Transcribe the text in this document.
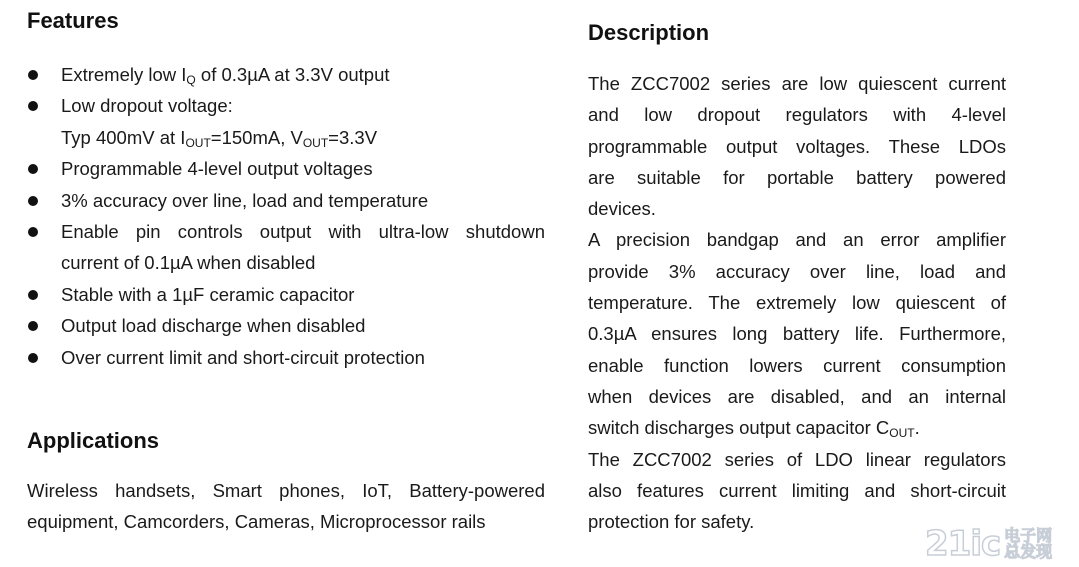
Features
Extremely low $I_Q$ of 0.3µA at 3.3V output
Low dropout voltage:
Typ 400mV at $I_{OUT}=150mA$, $V_{OUT}=3.3V$
Programmable 4-level output voltages
3% accuracy over line, load and temperature
Enable pin controls output with ultra-low shutdown
current of 0.1µA when disabled
Stable with a 1µF ceramic capacitor
Output load discharge when disabled
Over current limit and short-circuit protection
Applications

Wireless handsets, Smart phones, IoT, Battery-powered
equipment, Camcorders, Cameras, Microprocessor rails

Description
The ZCC7002 series are low quiescent current
and low dropout regulators with 4-level
programmable output voltages. These LDOs
are suitable for portable battery powered
devices.
A precision bandgap and an error amplifier
provide 3% accuracy over line, load and
temperature. The extremely low quiescent of
0.3µA ensures long battery life. Furthermore,
enable function lowers current consumption
when devices are disabled, and an internal
switch discharges output capacitor $C_{OUT}$.
The ZCC7002 series of LDO linear regulators
also features current limiting and short-circuit
protection for safety.
21ic 电子网
总发现
